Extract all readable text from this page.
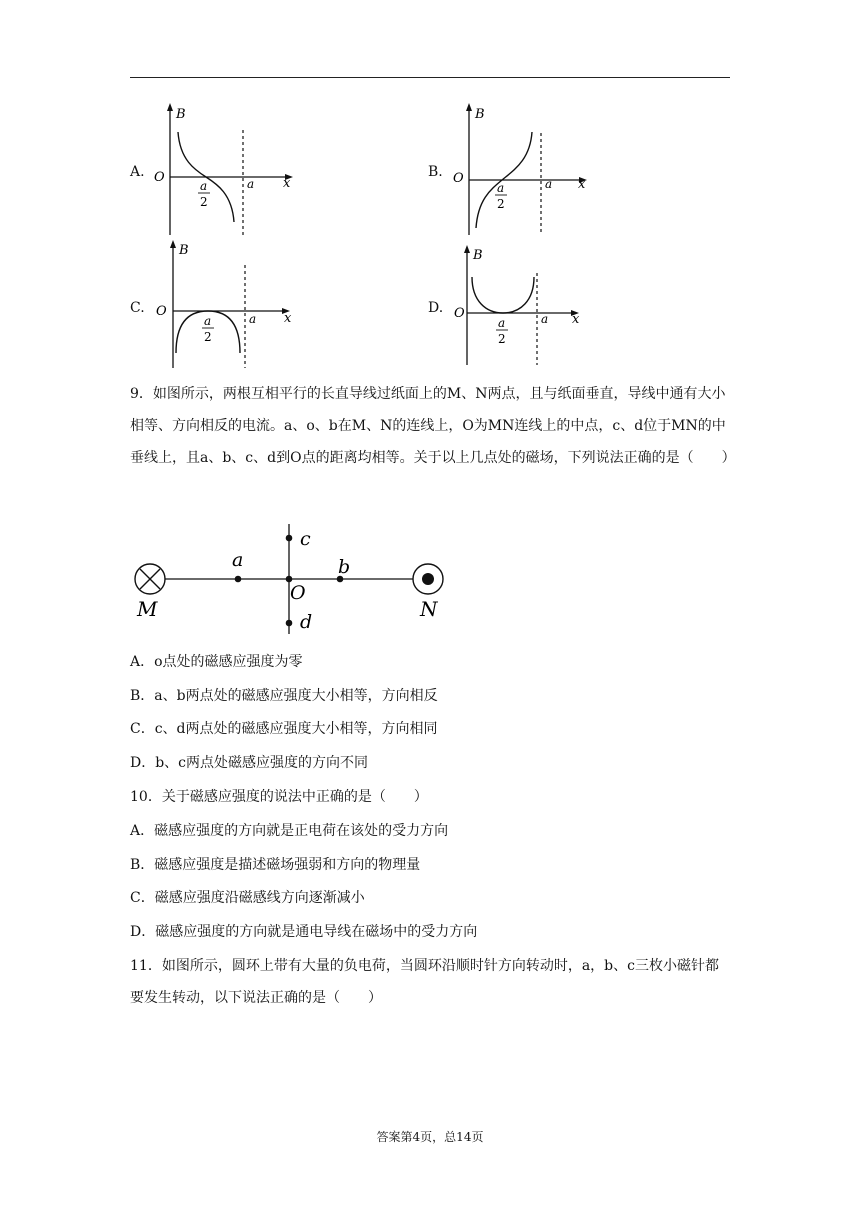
A.
B
x
O	a
a
2
B.
B
x
O	a
a
2
C.
B
x
O	a
a
2
D.
B
x
O	a
a
2
9．如图所示，两根互相平行的长直导线过纸面上的M、N两点，且与纸面垂直，导线中通有大小相等、方向相反的电流。a、o、b在M、N的连线上，O为MN连线上的中点，c、d位于MN的中垂线上，且a、b、c、d到O点的距离均相等。关于以上几点处的磁场，下列说法正确的是（　　）
a	b
c
d
O
M	N
A．o点处的磁感应强度为零
B．a、b两点处的磁感应强度大小相等，方向相反
C．c、d两点处的磁感应强度大小相等，方向相同
D．b、c两点处磁感应强度的方向不同
10．关于磁感应强度的说法中正确的是（　　）
A．磁感应强度的方向就是正电荷在该处的受力方向
B．磁感应强度是描述磁场强弱和方向的物理量
C．磁感应强度沿磁感线方向逐渐减小
D．磁感应强度的方向就是通电导线在磁场中的受力方向
11．如图所示，圆环上带有大量的负电荷，当圆环沿顺时针方向转动时，a，b、c三枚小磁针都要发生转动，以下说法正确的是（　　）
答案第4页，总14页
